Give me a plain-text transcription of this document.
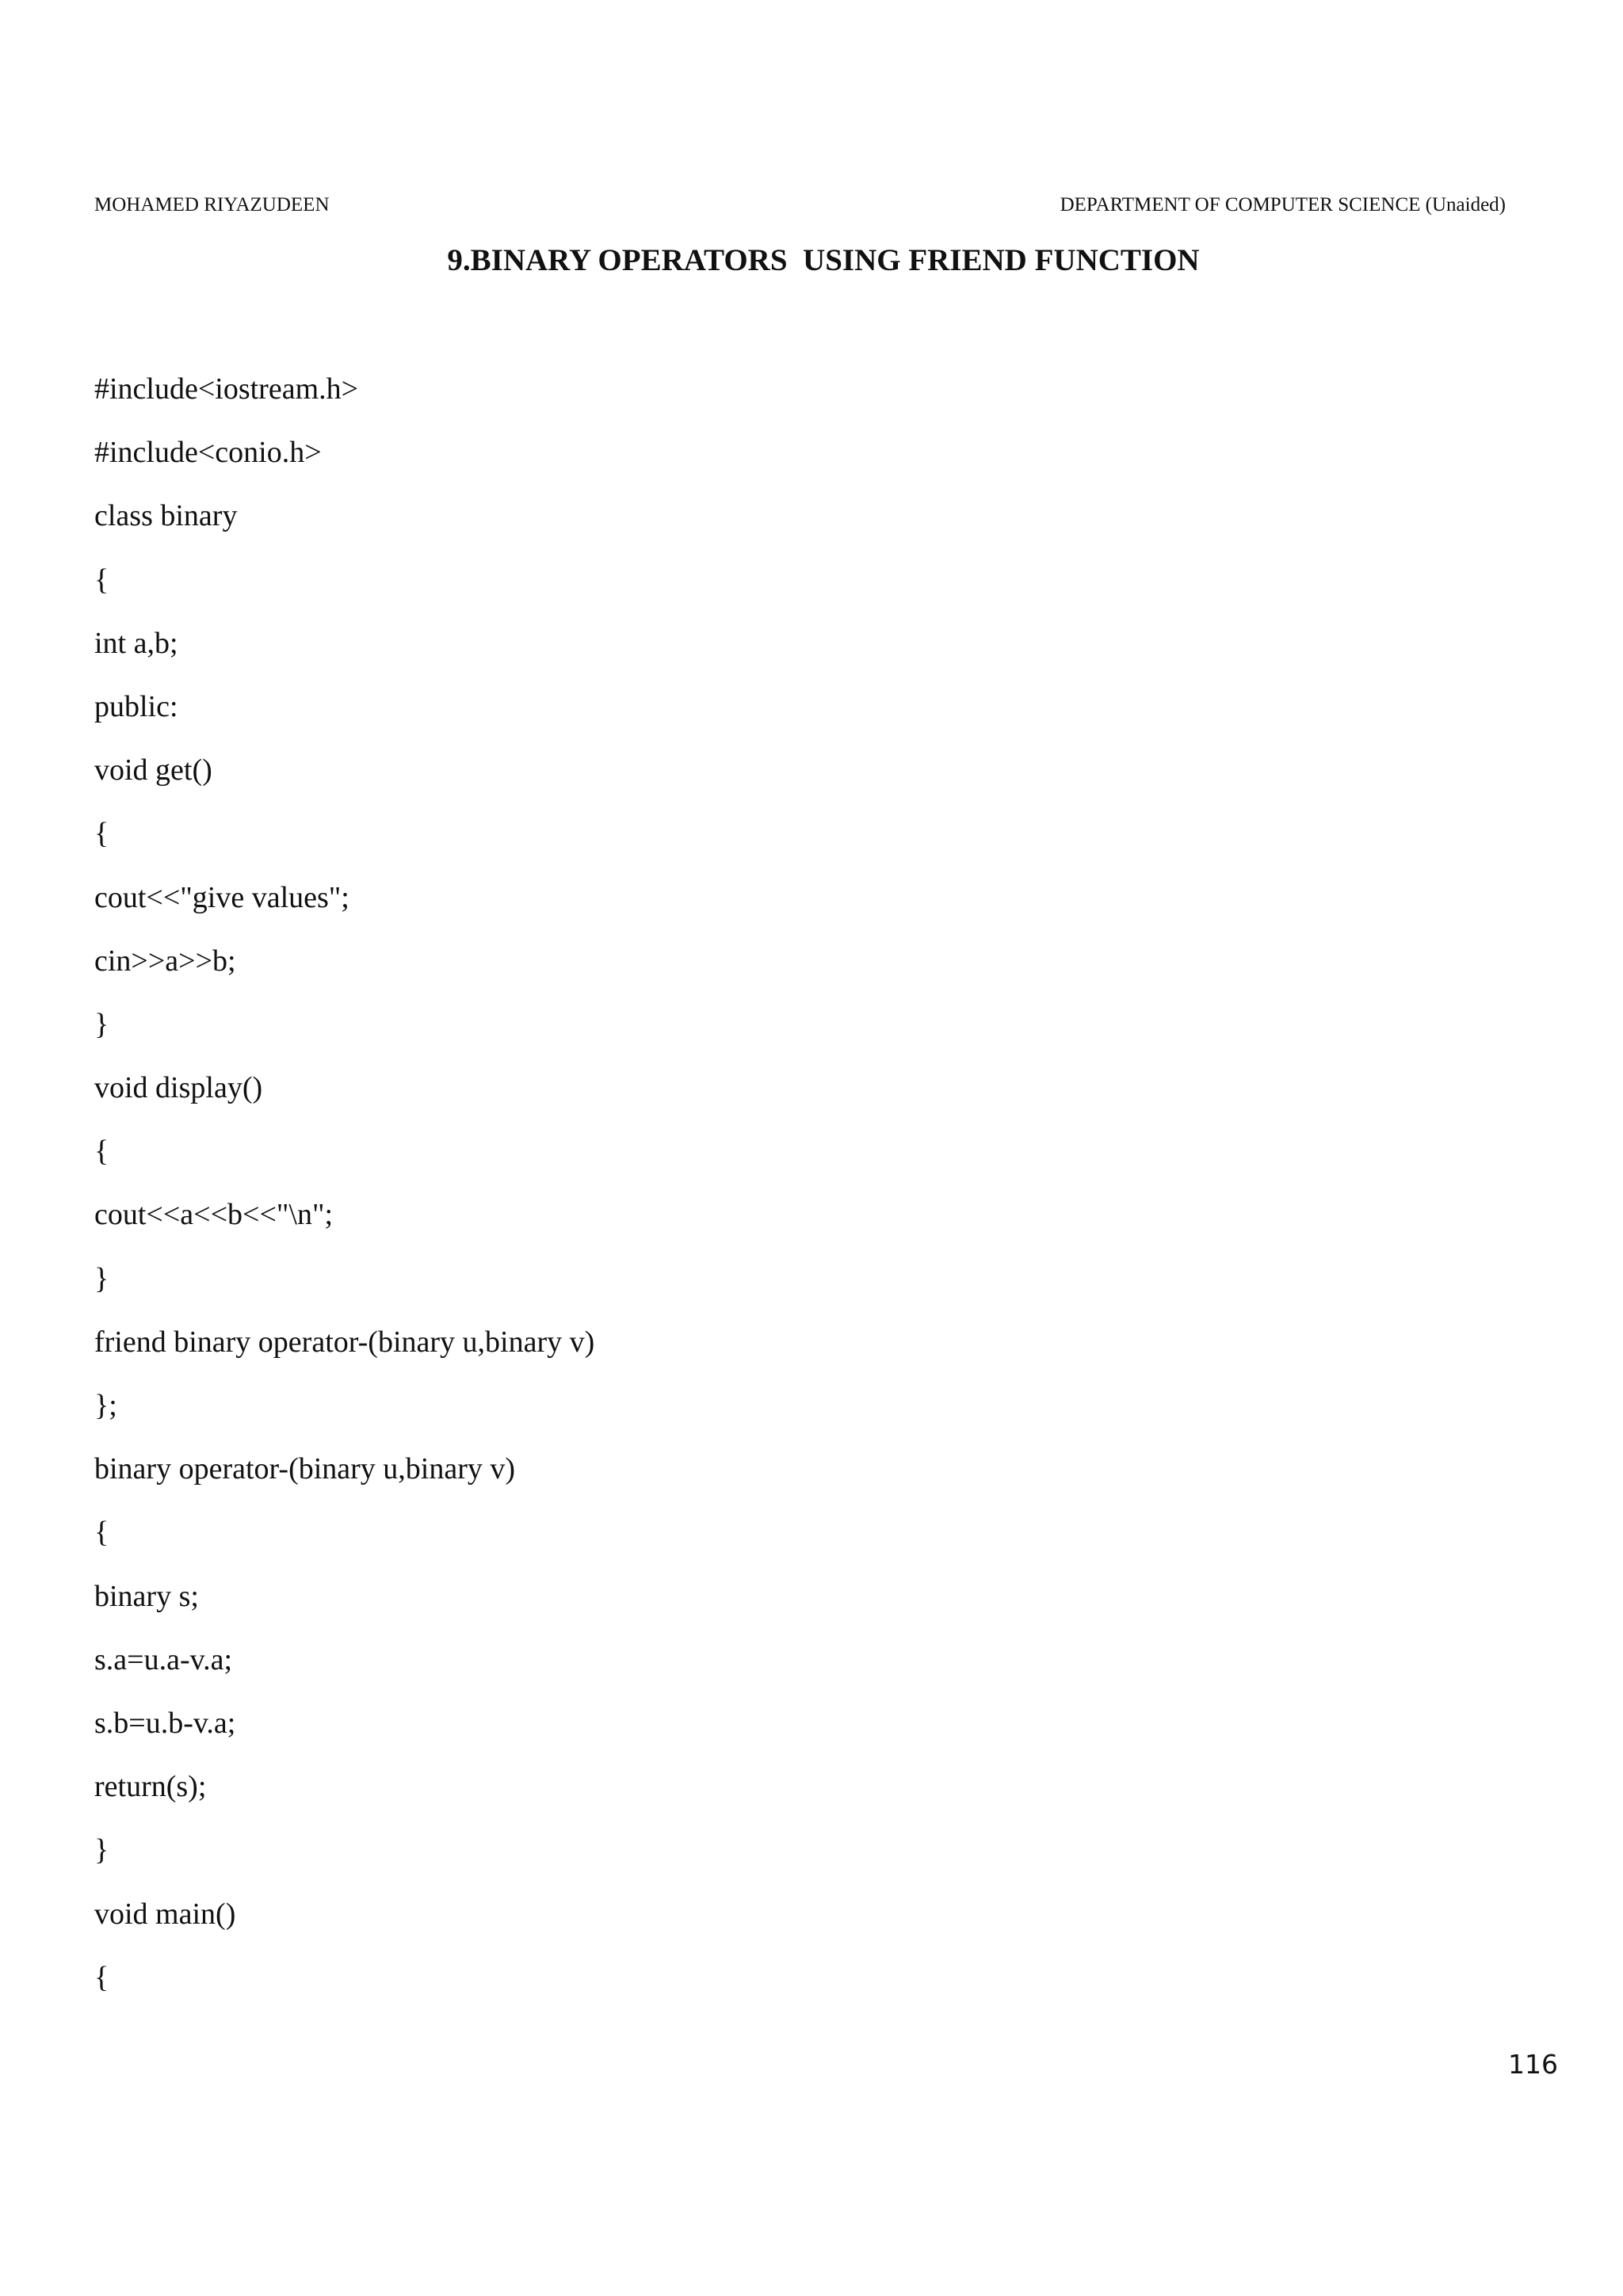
MOHAMED RIYAZUDEEN	DEPARTMENT OF COMPUTER SCIENCE (Unaided)
9.BINARY OPERATORS  USING FRIEND FUNCTION
#include<iostream.h>
#include<conio.h>
class binary
{
int a,b;
public:
void get()
{
cout<<"give values";
cin>>a>>b;
}
void display()
{
cout<<a<<b<<"\n";
}
friend binary operator-(binary u,binary v)
};
binary operator-(binary u,binary v)
{
binary s;
s.a=u.a-v.a;
s.b=u.b-v.a;
return(s);
}
void main()
{
116
